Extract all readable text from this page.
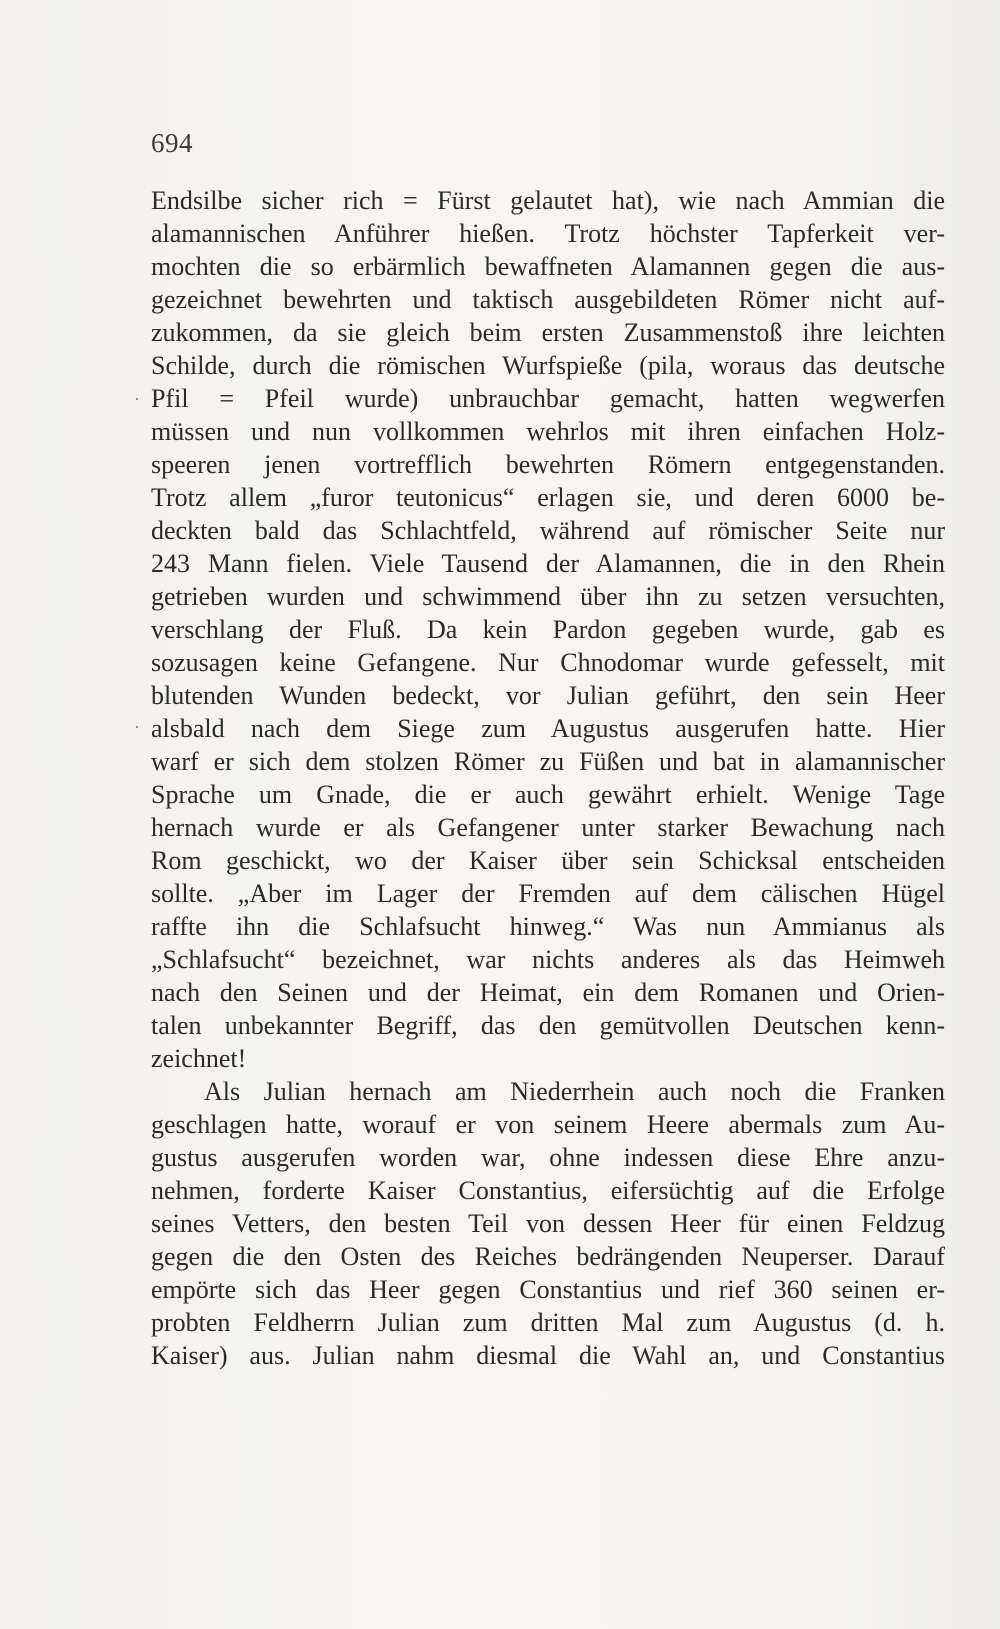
694
Endsilbe sicher rich = Fürst gelautet hat), wie nach Ammian die
alamannischen Anführer hießen. Trotz höchster Tapferkeit ver-
mochten die so erbärmlich bewaffneten Alamannen gegen die aus-
gezeichnet bewehrten und taktisch ausgebildeten Römer nicht auf-
zukommen, da sie gleich beim ersten Zusammenstoß ihre leichten
Schilde, durch die römischen Wurfspieße (pila, woraus das deutsche
Pfil = Pfeil wurde) unbrauchbar gemacht, hatten wegwerfen
müssen und nun vollkommen wehrlos mit ihren einfachen Holz-
speeren jenen vortrefflich bewehrten Römern entgegenstanden.
Trotz allem „furor teutonicus“ erlagen sie, und deren 6000 be-
deckten bald das Schlachtfeld, während auf römischer Seite nur
243 Mann fielen. Viele Tausend der Alamannen, die in den Rhein
getrieben wurden und schwimmend über ihn zu setzen versuchten,
verschlang der Fluß. Da kein Pardon gegeben wurde, gab es
sozusagen keine Gefangene. Nur Chnodomar wurde gefesselt, mit
blutenden Wunden bedeckt, vor Julian geführt, den sein Heer
alsbald nach dem Siege zum Augustus ausgerufen hatte. Hier
warf er sich dem stolzen Römer zu Füßen und bat in alamannischer
Sprache um Gnade, die er auch gewährt erhielt. Wenige Tage
hernach wurde er als Gefangener unter starker Bewachung nach
Rom geschickt, wo der Kaiser über sein Schicksal entscheiden
sollte. „Aber im Lager der Fremden auf dem cälischen Hügel
raffte ihn die Schlafsucht hinweg.“ Was nun Ammianus als
„Schlafsucht“ bezeichnet, war nichts anderes als das Heimweh
nach den Seinen und der Heimat, ein dem Romanen und Orien-
talen unbekannter Begriff, das den gemütvollen Deutschen kenn-
zeichnet!
Als Julian hernach am Niederrhein auch noch die Franken
geschlagen hatte, worauf er von seinem Heere abermals zum Au-
gustus ausgerufen worden war, ohne indessen diese Ehre anzu-
nehmen, forderte Kaiser Constantius, eifersüchtig auf die Erfolge
seines Vetters, den besten Teil von dessen Heer für einen Feldzug
gegen die den Osten des Reiches bedrängenden Neuperser. Darauf
empörte sich das Heer gegen Constantius und rief 360 seinen er-
probten Feldherrn Julian zum dritten Mal zum Augustus (d. h.
Kaiser) aus. Julian nahm diesmal die Wahl an, und Constantius
